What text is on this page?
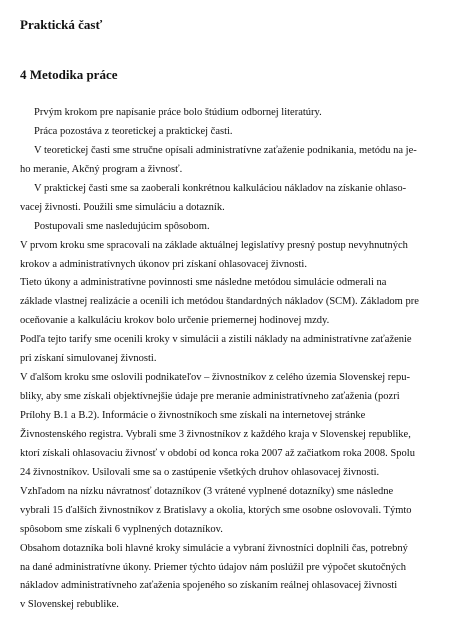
Praktická časť
4 Metodika práce
Prvým krokom pre napísanie práce bolo štúdium odbornej literatúry.
Práca pozostáva z teoretickej a praktickej časti.
V teoretickej časti sme stručne opísali administratívne zaťaženie podnikania, metódu na je-
ho meranie, Akčný program a živnosť.
V praktickej časti sme sa zaoberali konkrétnou kalkuláciou nákladov na získanie ohlaso-
vacej živnosti. Použili sme simuláciu a dotazník.
Postupovali sme nasledujúcim spôsobom.
V prvom kroku sme spracovali na základe aktuálnej legislatívy presný postup nevyhnutných
krokov a administratívnych úkonov pri získaní ohlasovacej živnosti.
Tieto úkony a administratívne povinnosti sme následne metódou simulácie odmerali na
základe vlastnej realizácie a ocenili ich metódou štandardných nákladov (SCM). Základom pre
oceňovanie a kalkuláciu krokov bolo určenie priemernej hodinovej mzdy.
Podľa tejto tarify sme ocenili kroky v simulácii a zistili náklady na administratívne zaťaženie
pri získaní simulovanej živnosti.
V ďalšom kroku sme oslovili podnikateľov – živnostníkov z celého územia Slovenskej repu-
bliky, aby sme získali objektívnejšie údaje pre meranie administratívneho zaťaženia (pozri
Prílohy B.1 a B.2). Informácie o živnostníkoch sme získali na internetovej stránke
Živnostenského registra. Vybrali sme 3 živnostníkov z každého kraja v Slovenskej republike,
ktorí získali ohlasovaciu živnosť v období od konca roka 2007 až začiatkom roka 2008. Spolu
24 živnostníkov. Usilovali sme sa o zastúpenie všetkých druhov ohlasovacej živnosti.
Vzhľadom na nízku návratnosť dotazníkov (3 vrátené vyplnené dotazníky) sme následne
vybrali 15 ďalších živnostníkov z Bratislavy a okolia, ktorých sme osobne oslovovali. Týmto
spôsobom sme získali 6 vyplnených dotazníkov.
Obsahom dotazníka boli hlavné kroky simulácie a vybraní živnostníci doplnili čas, potrebný
na dané administratívne úkony. Priemer týchto údajov nám poslúžil pre výpočet skutočných
nákladov administratívneho zaťaženia spojeného so získaním reálnej ohlasovacej živnosti
v Slovenskej rebublike.
